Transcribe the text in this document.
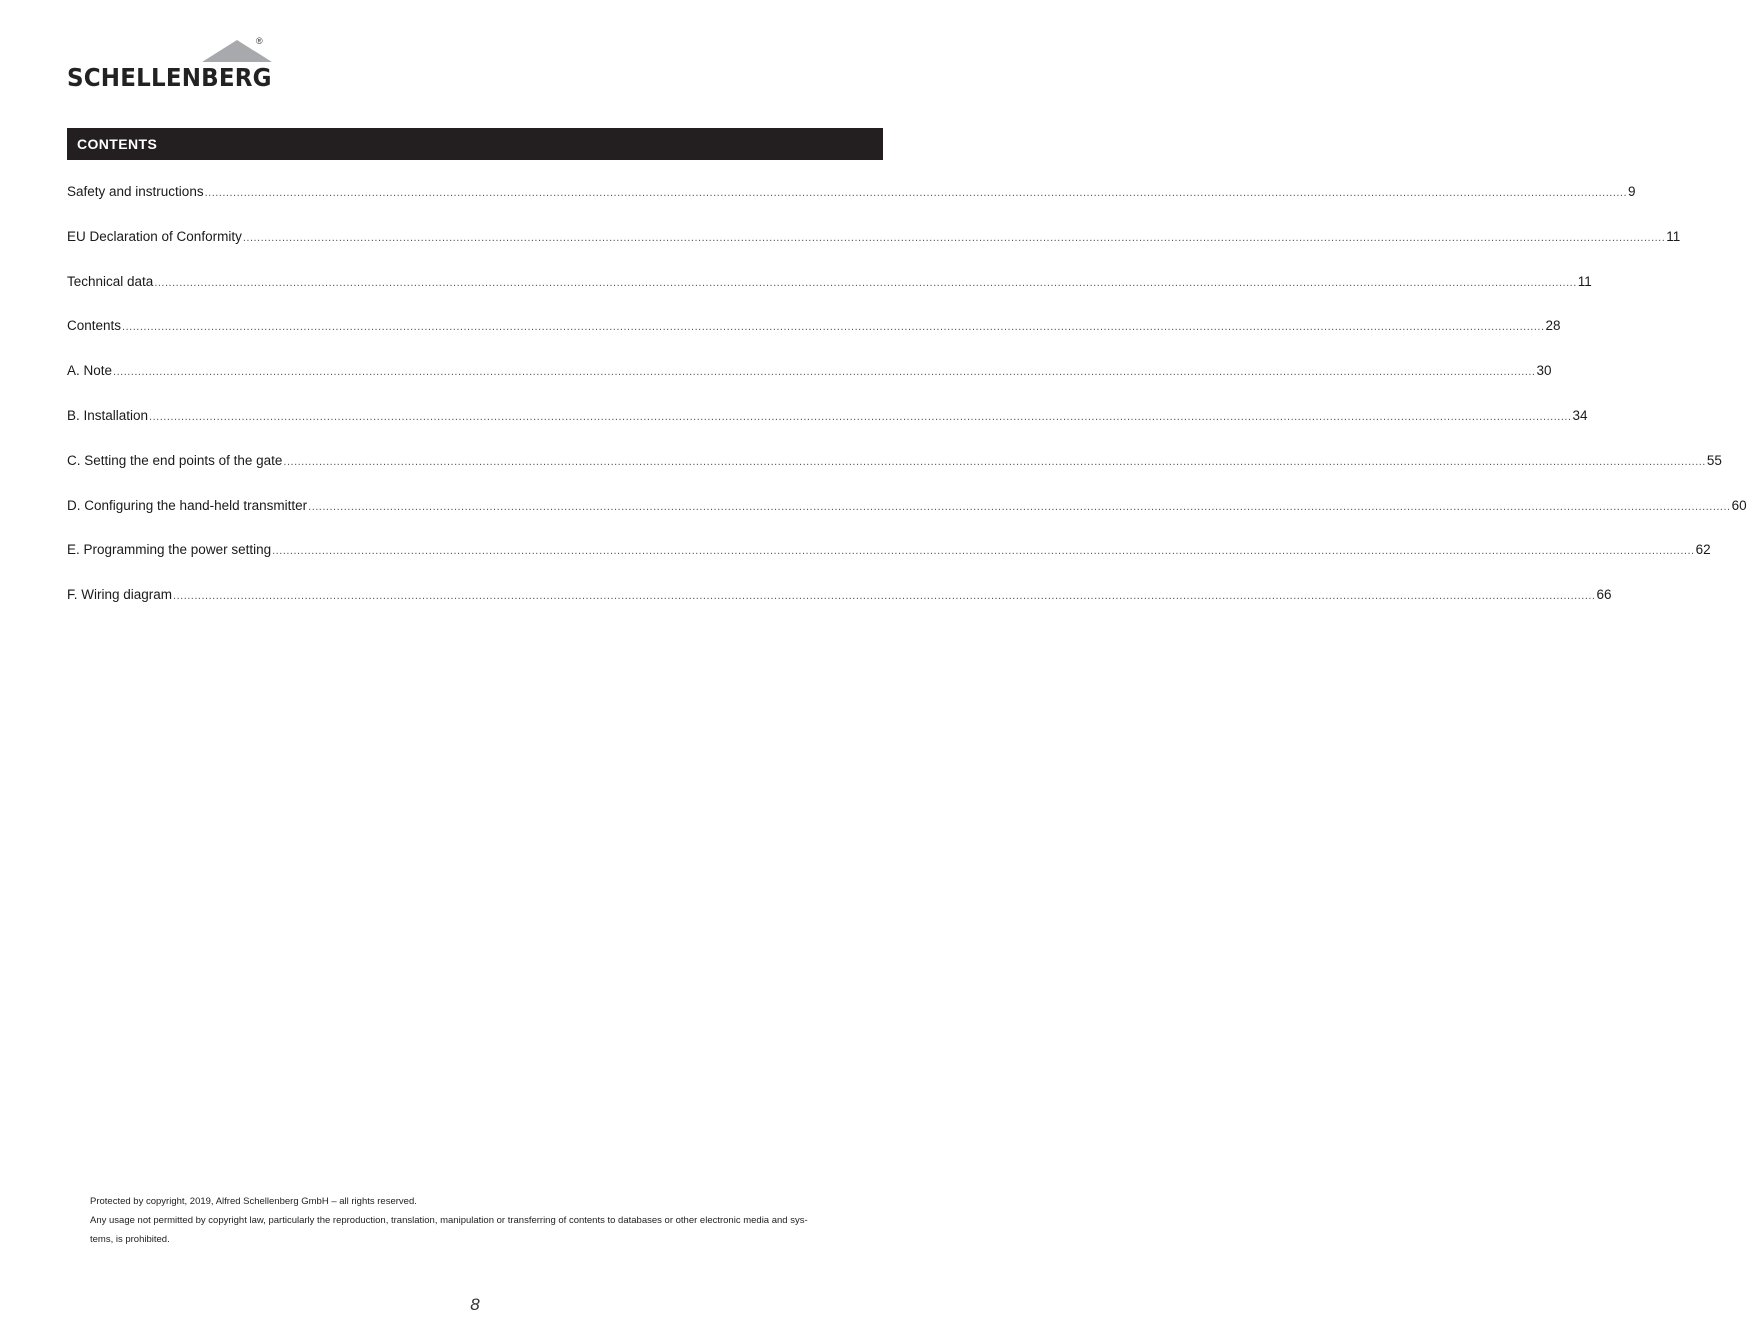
®
SCHELLENBERG
CONTENTS
Safety and instructions ................................................................................................................................................................................................................................................................................................................................................................................................................ 9
EU Declaration of Conformity ................................................................................................................................................................................................................................................................................................................................................................................................................ 11
Technical data ................................................................................................................................................................................................................................................................................................................................................................................................................ 11
Contents ................................................................................................................................................................................................................................................................................................................................................................................................................ 28
A. Note ................................................................................................................................................................................................................................................................................................................................................................................................................ 30
B. Installation ................................................................................................................................................................................................................................................................................................................................................................................................................ 34
C. Setting the end points of the gate ................................................................................................................................................................................................................................................................................................................................................................................................................ 55
D. Configuring the hand-held transmitter ................................................................................................................................................................................................................................................................................................................................................................................................................ 60
E. Programming the power setting ................................................................................................................................................................................................................................................................................................................................................................................................................ 62
F. Wiring diagram ................................................................................................................................................................................................................................................................................................................................................................................................................ 66

Protected by copyright, 2019, Alfred Schellenberg GmbH – all rights reserved.

Any usage not permitted by copyright law, particularly the reproduction, translation, manipulation or transferring of contents to databases or other electronic media and sys-

tems, is prohibited.

8
